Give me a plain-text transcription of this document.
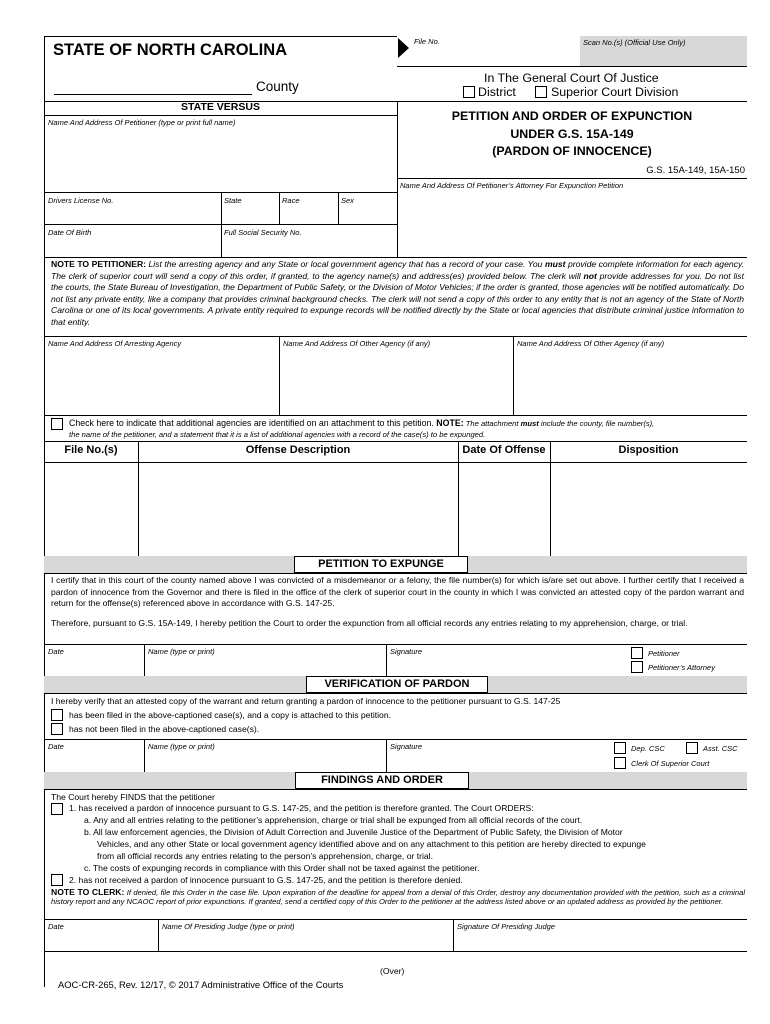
STATE OF NORTH CAROLINA	File No.	Scan No.(s) (Official Use Only)
County
In The General Court Of Justice
District	Superior Court Division
STATE VERSUS
Name And Address Of Petitioner (type or print full name)	PETITION AND ORDER OF EXPUNCTION
UNDER G.S. 15A-149
(PARDON OF INNOCENCE)
G.S. 15A-149, 15A-150
Name And Address Of Petitioner’s Attorney For Expunction Petition
Drivers License No.	State	Race	Sex
Date Of Birth	Full Social Security No.
NOTE TO PETITIONER: List the arresting agency and any State or local government agency that has a record of your case. You must provide complete information for each agency. The clerk of superior court will send a copy of this order, if granted, to the agency name(s) and address(es) provided below. The clerk will not provide addresses for you. Do not list the courts, the State Bureau of Investigation, the Department of Public Safety, or the Division of Motor Vehicles; if the order is granted, those agencies will be notified automatically. Do not list any private entity, like a company that provides criminal background checks. The clerk will not send a copy of this order to any entity that is not an agency of the State of North Carolina or one of its local governments. A private entity required to expunge records will be notified directly by the State or local agencies that distribute criminal justice information to that entity.
Name And Address Of Arresting Agency	Name And Address Of Other Agency (if any)	Name And Address Of Other Agency (if any)
Check here to indicate that additional agencies are identified on an attachment to this petition. NOTE: The attachment must include the county, file number(s),
the name of the petitioner, and a statement that it is a list of additional agencies with a record of the case(s) to be expunged.
File No.(s)	Offense Description	Date Of Offense	Disposition
PETITION TO EXPUNGE
I certify that in this court of the county named above I was convicted of a misdemeanor or a felony, the file number(s) for which is/are set out above. I further certify that I received a pardon of innocence from the Governor and there is filed in the office of the clerk of superior court in the county in which I was convicted an attested copy of the pardon warrant and return for the offense(s) referenced above in accordance with G.S. 147-25.
Therefore, pursuant to G.S. 15A-149, I hereby petition the Court to order the expunction from all official records any entries relating to my apprehension, charge, or trial.
Date	Name (type or print)	Signature	Petitioner
Petitioner’s Attorney
VERIFICATION OF PARDON
I hereby verify that an attested copy of the warrant and return granting a pardon of innocence to the petitioner pursuant to G.S. 147-25
has been filed in the above-captioned case(s), and a copy is attached to this petition.
has not been filed in the above-captioned case(s).
Date	Name (type or print)	Signature	Dep. CSC	Asst. CSC
Clerk Of Superior Court
FINDINGS AND ORDER
The Court hereby FINDS that the petitioner
1. has received a pardon of innocence pursuant to G.S. 147-25, and the petition is therefore granted. The Court ORDERS:
a. Any and all entries relating to the petitioner’s apprehension, charge or trial shall be expunged from all official records of the court.
b. All law enforcement agencies, the Division of Adult Correction and Juvenile Justice of the Department of Public Safety, the Division of Motor
Vehicles, and any other State or local government agency identified above and on any attachment to this petition are hereby directed to expunge
from all official records any entries relating to the person’s apprehension, charge, or trial.
c. The costs of expunging records in compliance with this Order shall not be taxed against the petitioner.
2. has not received a pardon of innocence pursuant to G.S. 147-25, and the petition is therefore denied.
NOTE TO CLERK: If denied, file this Order in the case file. Upon expiration of the deadline for appeal from a denial of this Order, destroy any documentation provided with the petition, such as a criminal history report and any NCAOC report of prior expunctions. If granted, send a certified copy of this Order to the petitioner at the address listed above or an updated address as provided by the petitioner.
Date	Name Of Presiding Judge (type or print)	Signature Of Presiding Judge
(Over)
AOC-CR-265, Rev. 12/17, © 2017 Administrative Office of the Courts
